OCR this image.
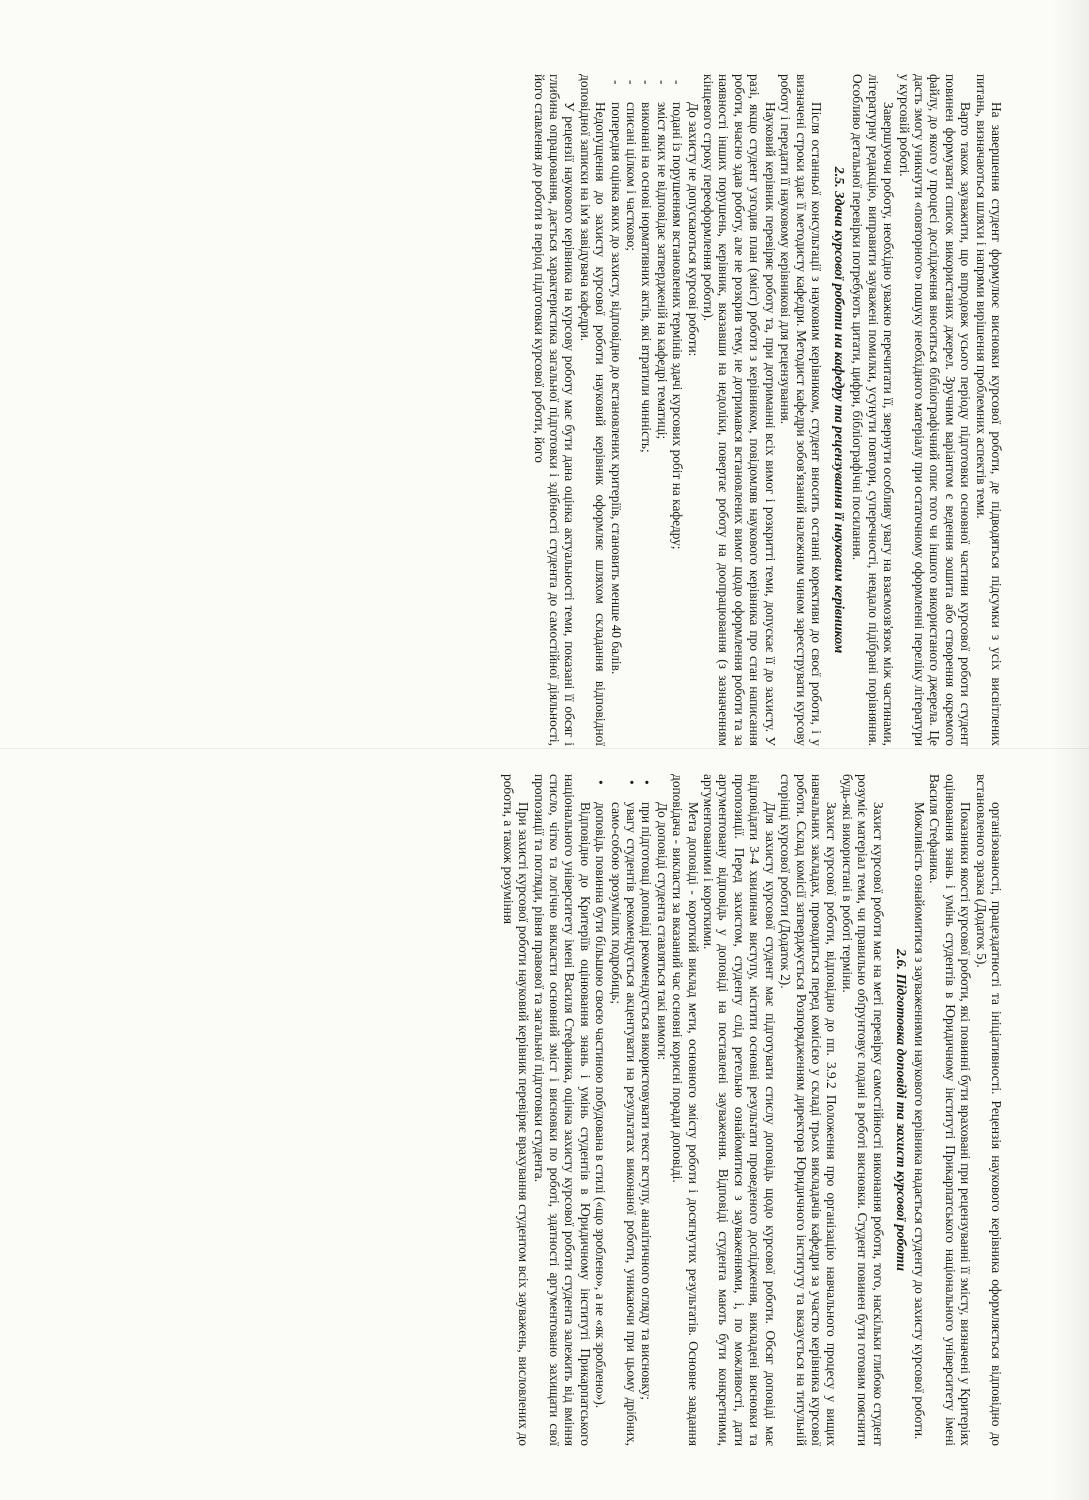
На завершення студент формулює висновки курсової роботи, де підводяться підсумки з усіх висвітлених питань, визначаються шляхи і напрями вирішення проблемних аспектів теми.

Варто також зауважити, що впродовж усього періоду підготовки основної частини курсової роботи студент повинен формувати список використаних джерел. Зручним варіантом є ведення зошита або створення окремого файлу, до якого у процесі дослідження вноситься бібліографічний опис того чи іншого використаного джерела. Це дасть змогу уникнути «повторного» пошуку необхідного матеріалу при остаточному оформленні переліку літератури у курсовій роботі.

Завершуючи роботу, необхідно уважно перечитати її, звернути особливу увагу на взаємозв'язок між частинами, літературну редакцію, виправити зауважені помилки, усунути повтори, суперечності, невдало підібрані порівняння. Особливо детальної перевірки потребують цитати, цифри, бібліографічні посилання.

2.5. Здача курсової роботи на кафедру та рецензування її науковим керівником

Після останньої консультації з науковим керівником, студент вносить останні корективи до своєї роботи, і у визначені строки здає її методисту кафедри. Методист кафедри зобов'язаний належним чином зареєструвати курсову роботу і передати її науковому керівникові для рецензування.

Науковий керівник перевіряє роботу та, при дотриманні всіх вимог і розкритті теми, допускає її до захисту. У разі, якщо студент узгодив план (зміст) роботи з керівником, повідомляв наукового керівника про стан написання роботи, вчасно здав роботу, але не розкрив тему, не дотримався встановлених вимог щодо оформлення роботи та за наявності інших порушень, керівник, вказавши на недоліки, повертає роботу на доопрацювання (з зазначенням кінцевого строку переоформлення роботи).

До захисту не допускаються курсові роботи:

- подані із порушенням встановлених термінів здачі курсових робіт на кафедру;
- зміст яких не відповідає затвердженій на кафедрі тематиці;
- виконані на основі нормативних актів, які втратили чинність;
- списані цілком і частково;
- попередня оцінка яких до захисту, відповідно до встановлених критеріїв, становить менше 40 балів.

Недопущення до захисту курсової роботи науковий керівник оформляє шляхом складання відповідної доповідної записки на ім'я завідувача кафедри.

У рецензії наукового керівника на курсову роботу має бути дана оцінка актуальності теми, показані її обсяг і глибина опрацювання, дається характеристика загальної підготовки і здібності студента до самостійної діяльності, його ставлення до роботи в період підготовки курсової роботи, його

організованості, працездатності та ініціативності. Рецензія наукового керівника оформляється відповідно до встановленого зразка (Додаток 5).

Показники якості курсової роботи, які повинні бути враховані при рецензуванні її змісту, визначені у Критеріях оцінювання знань і умінь студентів в Юридичному інституті Прикарпатського національного університету імені Василя Стефаника.

Можливість ознайомитися з зауваженнями наукового керівника надається студенту до захисту курсової роботи.

2.6. Підготовка доповіді та захист курсової роботи

Захист курсової роботи має на меті перевірку самостійності виконання роботи, того, наскільки глибоко студент розуміє матеріал теми, чи правильно обґрунтовує подані в роботі висновки. Студент повинен бути готовим пояснити будь-які використані в роботі терміни.

Захист курсової роботи, відповідно до пп. 3.9.2 Положення про організацію навчального процесу у вищих навчальних закладах, проводиться перед комісією у складі трьох викладачів кафедри за участю керівника курсової роботи. Склад комісії затверджується Розпорядженням директора Юридичного інституту та вказується на титульній сторінці курсової роботи (Додаток 2).

Для захисту курсової студент має підготувати стислу доповідь щодо курсової роботи. Обсяг доповіді має відповідати 3-4 хвилинам виступу, містити основні результати проведеного дослідження, викладені висновки та пропозиції. Перед захистом, студенту слід ретельно ознайомитися з зауваженнями, і, по можливості, дати аргументовану відповідь у доповіді на поставлені зауваження. Відповіді студента мають бути конкретними, аргументованими і короткими.

Мета доповіді - короткий виклад мети, основного змісту роботи і досягнутих результатів. Основне завдання доповідача - викласти за вказаний час основні корисні поради доповіді.

До доповіді студента ставляться такі вимоги:

• при підготовці доповіді рекомендується використовувати текст вступу, аналітичного огляду та висновку;
• увагу студентів рекомендується акцентувати на результатах виконаної роботи, уникаючи при цьому дрібних, само-собою зрозумілих подробиць;
• доповідь повинна бути більшою своєю частиною побудована в стилі («що зроблено», а не «як зроблено»).

Відповідно до Критеріїв оцінювання знань і умінь студентів в Юридичному інституті Прикарпатського національного університету імені Василя Стефаника, оцінка захисту курсової роботи студента залежить від вміння стисло, чітко та логічно викласти основний зміст і висновки по роботі, здатності аргументовано захищати свої пропозиції та погляди, рівня правової та загальної підготовки студента.

При захисті курсової роботи науковий керівник перевіряє врахування студентом всіх зауважень, висловлених до роботи, а також розуміння
